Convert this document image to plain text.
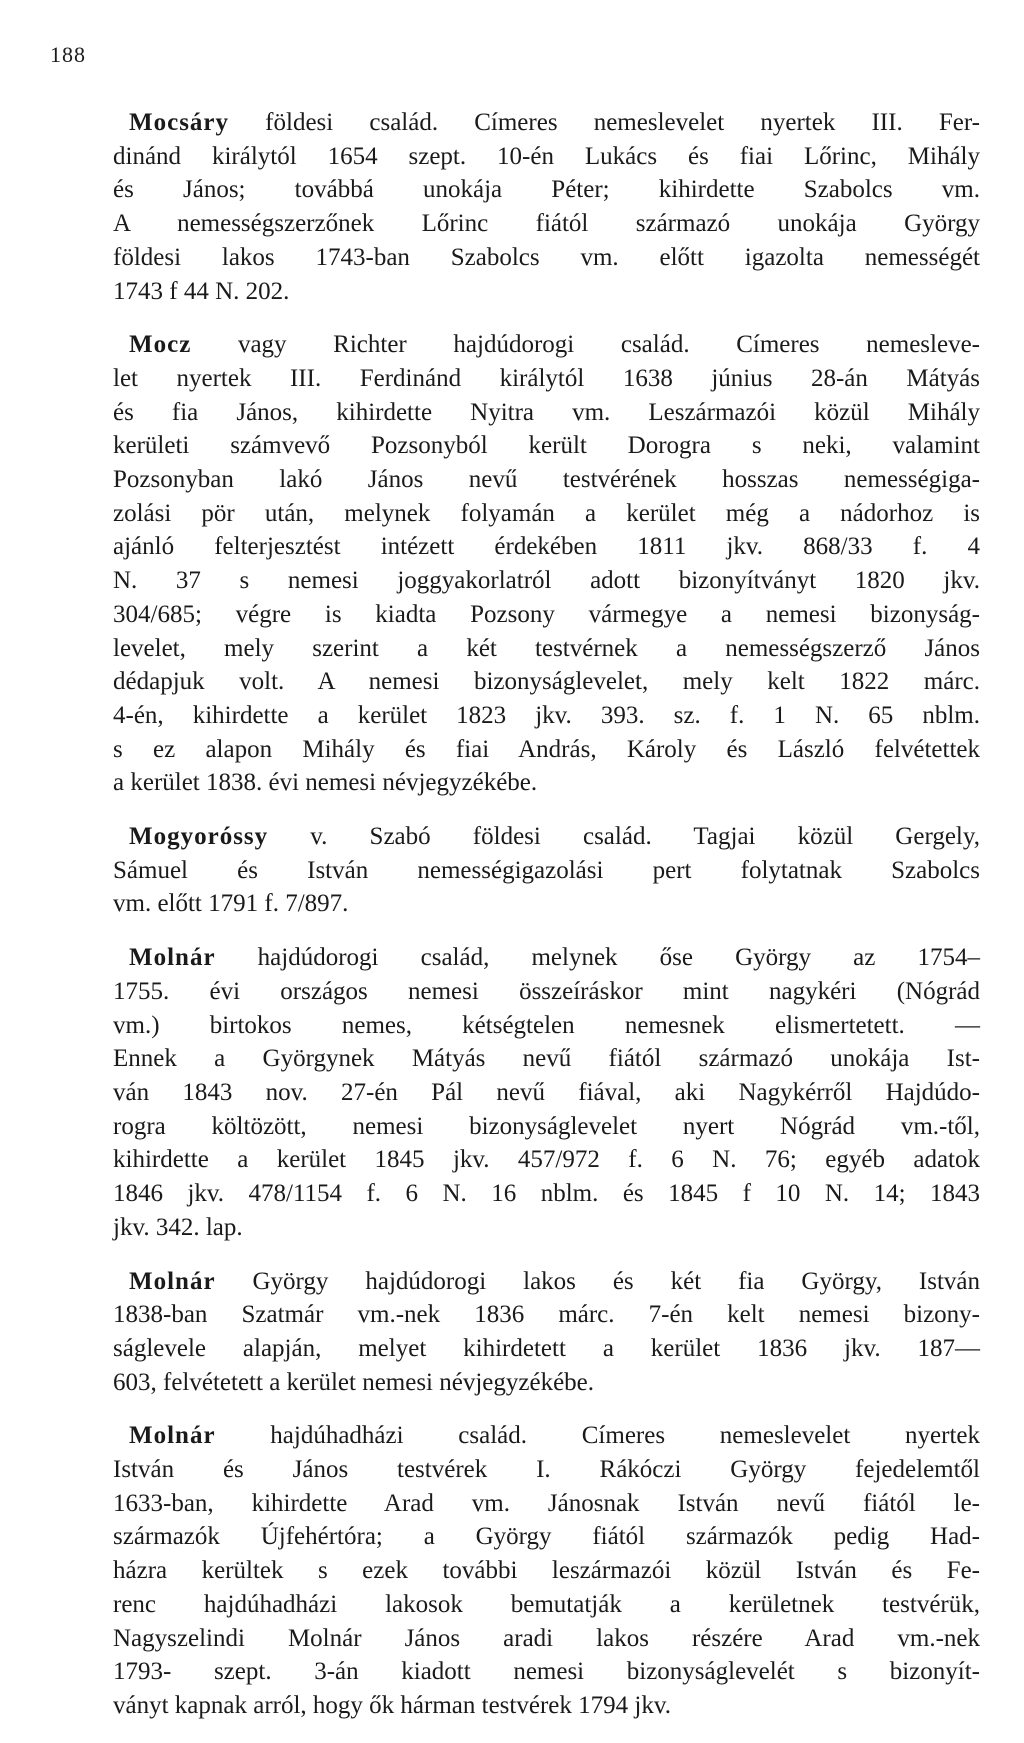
188
Mocsáry földesi család. Címeres nemeslevelet nyertek III. Fer-
dinánd királytól 1654 szept. 10-én Lukács és fiai Lőrinc, Mihály
és János; továbbá unokája Péter; kihirdette Szabolcs vm.
A nemességszerzőnek Lőrinc fiától származó unokája György
földesi lakos 1743-ban Szabolcs vm. előtt igazolta nemességét
1743 f 44 N. 202.
Mocz vagy Richter hajdúdorogi család. Címeres nemesleve-
let nyertek III. Ferdinánd királytól 1638 június 28-án Mátyás
és fia János, kihirdette Nyitra vm. Leszármazói közül Mihály
kerületi számvevő Pozsonyból került Dorogra s neki, valamint
Pozsonyban lakó János nevű testvérének hosszas nemességiga-
zolási pör után, melynek folyamán a kerület még a nádorhoz is
ajánló felterjesztést intézett érdekében 1811 jkv. 868/33 f. 4
N. 37 s nemesi joggyakorlatról adott bizonyítványt 1820 jkv.
304/685; végre is kiadta Pozsony vármegye a nemesi bizonyság-
levelet, mely szerint a két testvérnek a nemességszerző János
dédapjuk volt. A nemesi bizonyságlevelet, mely kelt 1822 márc.
4-én, kihirdette a kerület 1823 jkv. 393. sz. f. 1 N. 65 nblm.
s ez alapon Mihály és fiai András, Károly és László felvétettek
a kerület 1838. évi nemesi névjegyzékébe.
Mogyoróssy v. Szabó földesi család. Tagjai közül Gergely,
Sámuel és István nemességigazolási pert folytatnak Szabolcs
vm. előtt 1791 f. 7/897.
Molnár hajdúdorogi család, melynek őse György az 1754–
1755. évi országos nemesi összeíráskor mint nagykéri (Nógrád
vm.) birtokos nemes, kétségtelen nemesnek elismertetett. —
Ennek a Györgynek Mátyás nevű fiától származó unokája Ist-
ván 1843 nov. 27-én Pál nevű fiával, aki Nagykérről Hajdúdo-
rogra költözött, nemesi bizonyságlevelet nyert Nógrád vm.-től,
kihirdette a kerület 1845 jkv. 457/972 f. 6 N. 76; egyéb adatok
1846 jkv. 478/1154 f. 6 N. 16 nblm. és 1845 f 10 N. 14; 1843
jkv. 342. lap.
Molnár György hajdúdorogi lakos és két fia György, István
1838-ban Szatmár vm.-nek 1836 márc. 7-én kelt nemesi bizony-
ságlevele alapján, melyet kihirdetett a kerület 1836 jkv. 187—
603, felvétetett a kerület nemesi névjegyzékébe.
Molnár hajdúhadházi család. Címeres nemeslevelet nyertek
István és János testvérek I. Rákóczi György fejedelemtől
1633-ban, kihirdette Arad vm. Jánosnak István nevű fiától le-
származók Újfehértóra; a György fiától származók pedig Had-
házra kerültek s ezek további leszármazói közül István és Fe-
renc hajdúhadházi lakosok bemutatják a kerületnek testvérük,
Nagyszelindi Molnár János aradi lakos részére Arad vm.-nek
1793- szept. 3-án kiadott nemesi bizonyságlevelét s bizonyít-
ványt kapnak arról, hogy ők hárman testvérek 1794 jkv.
